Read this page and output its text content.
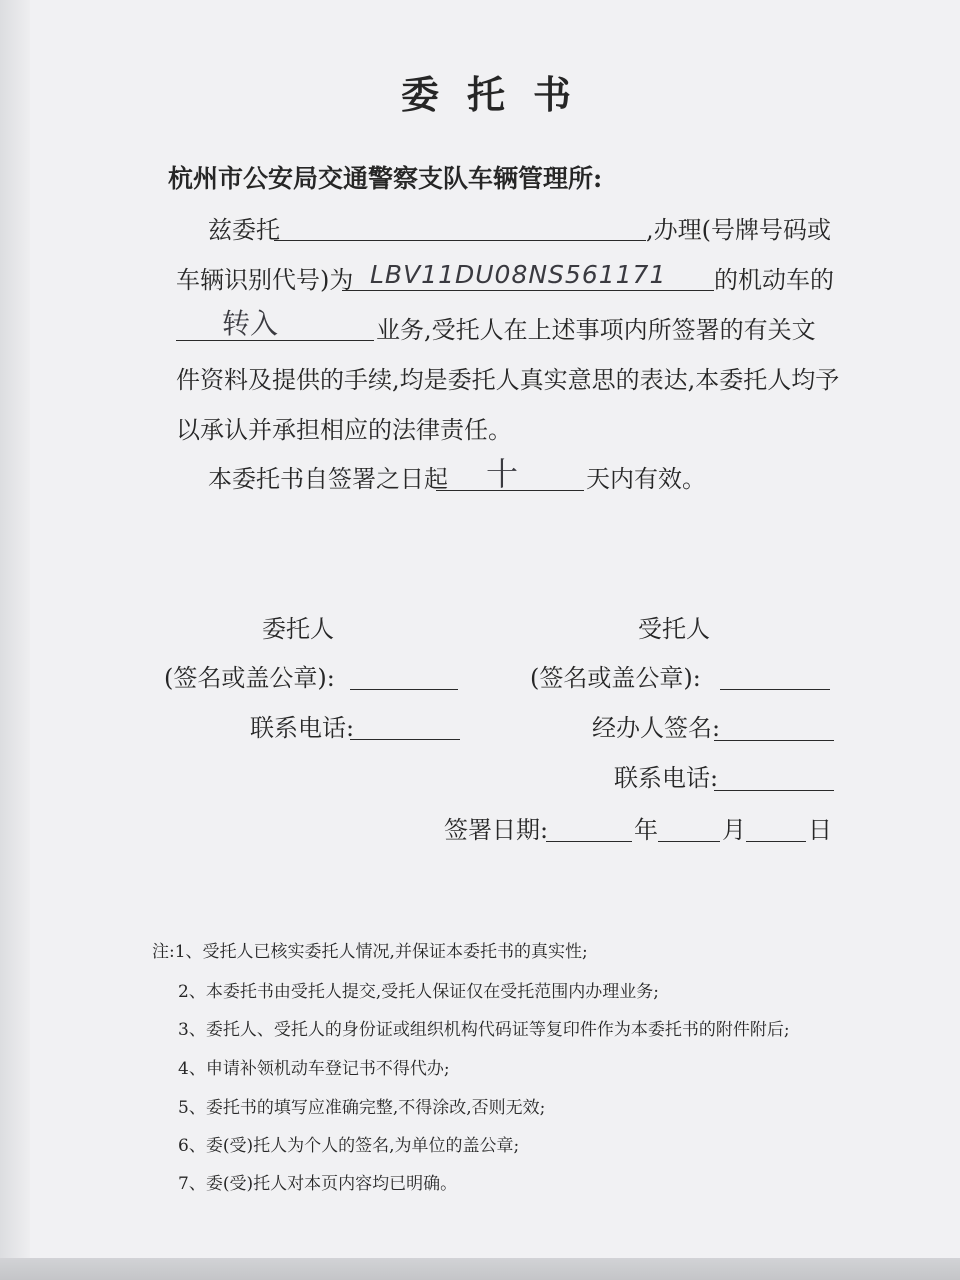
委托书
杭州市公安局交通警察支队车辆管理所:
兹委托	,办理(号牌号码或
车辆识别代号)为 LBV11DU08NS561171 的机动车的
转入	业务,受托人在上述事项内所签署的有关文
件资料及提供的手续,均是委托人真实意思的表达,本委托人均予
以承认并承担相应的法律责任。
本委托书自签署之日起 十	天内有效。
委托人
(签名或盖公章):
联系电话:
受托人
(签名或盖公章):
经办人签名:
联系电话:
签署日期:	年	月	日
注:1、受托人已核实委托人情况,并保证本委托书的真实性;
2、本委托书由受托人提交,受托人保证仅在受托范围内办理业务;
3、委托人、受托人的身份证或组织机构代码证等复印件作为本委托书的附件附后;
4、申请补领机动车登记书不得代办;
5、委托书的填写应准确完整,不得涂改,否则无效;
6、委(受)托人为个人的签名,为单位的盖公章;
7、委(受)托人对本页内容均已明确。
